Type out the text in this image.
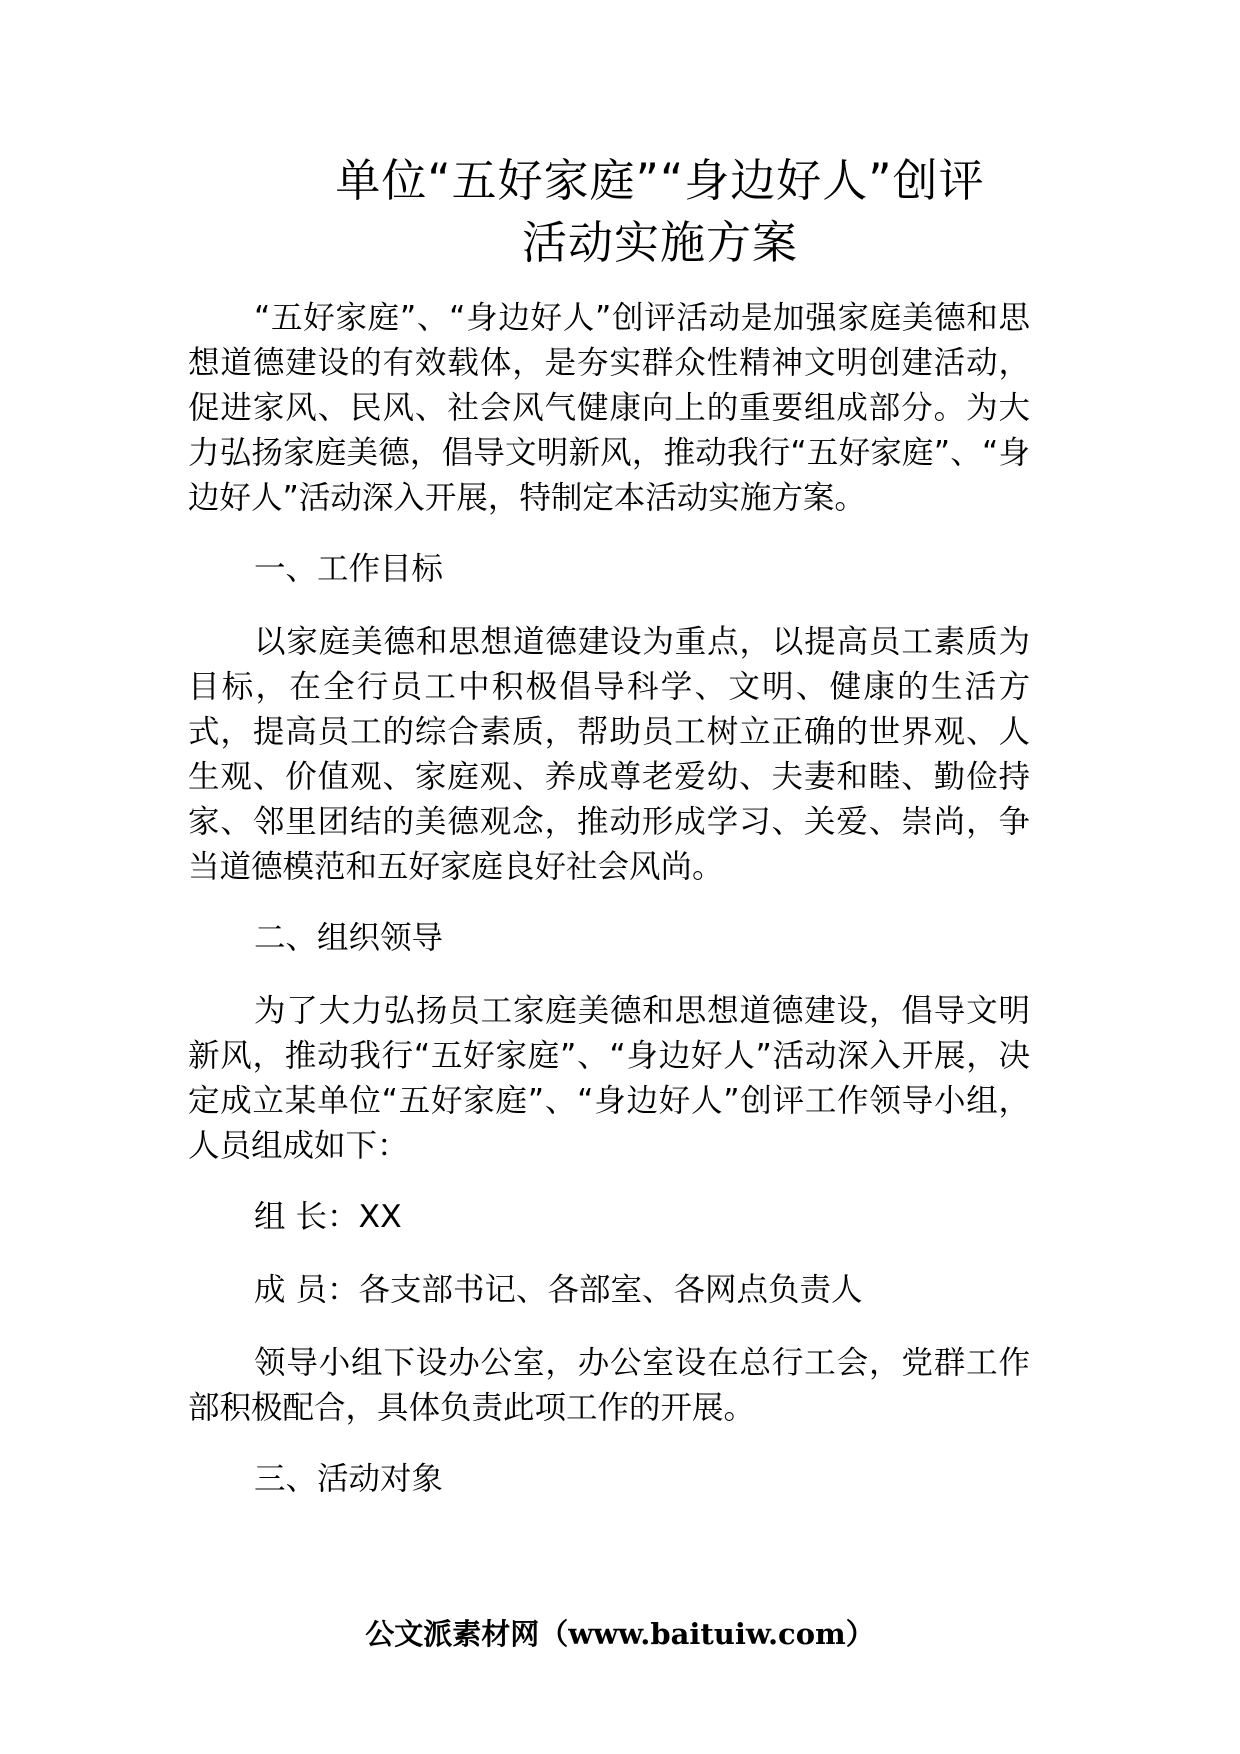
单位“五好家庭”“身边好人”创评
活动实施方案

“五好家庭”、“身边好人”创评活动是加强家庭美德和思想道德建设的有效载体，是夯实群众性精神文明创建活动，促进家风、民风、社会风气健康向上的重要组成部分。为大力弘扬家庭美德，倡导文明新风，推动我行“五好家庭”、“身边好人”活动深入开展，特制定本活动实施方案。

一、工作目标

以家庭美德和思想道德建设为重点，以提高员工素质为目标，在全行员工中积极倡导科学、文明、健康的生活方式，提高员工的综合素质，帮助员工树立正确的世界观、人生观、价值观、家庭观、养成尊老爱幼、夫妻和睦、勤俭持家、邻里团结的美德观念，推动形成学习、关爱、崇尚，争当道德模范和五好家庭良好社会风尚。

二、组织领导

为了大力弘扬员工家庭美德和思想道德建设，倡导文明新风，推动我行“五好家庭”、“身边好人”活动深入开展，决定成立某单位“五好家庭”、“身边好人”创评工作领导小组，人员组成如下：

组 长：XX

成 员：各支部书记、各部室、各网点负责人

领导小组下设办公室，办公室设在总行工会，党群工作部积极配合，具体负责此项工作的开展。

三、活动对象

公文派素材网（www.baituiw.com）
